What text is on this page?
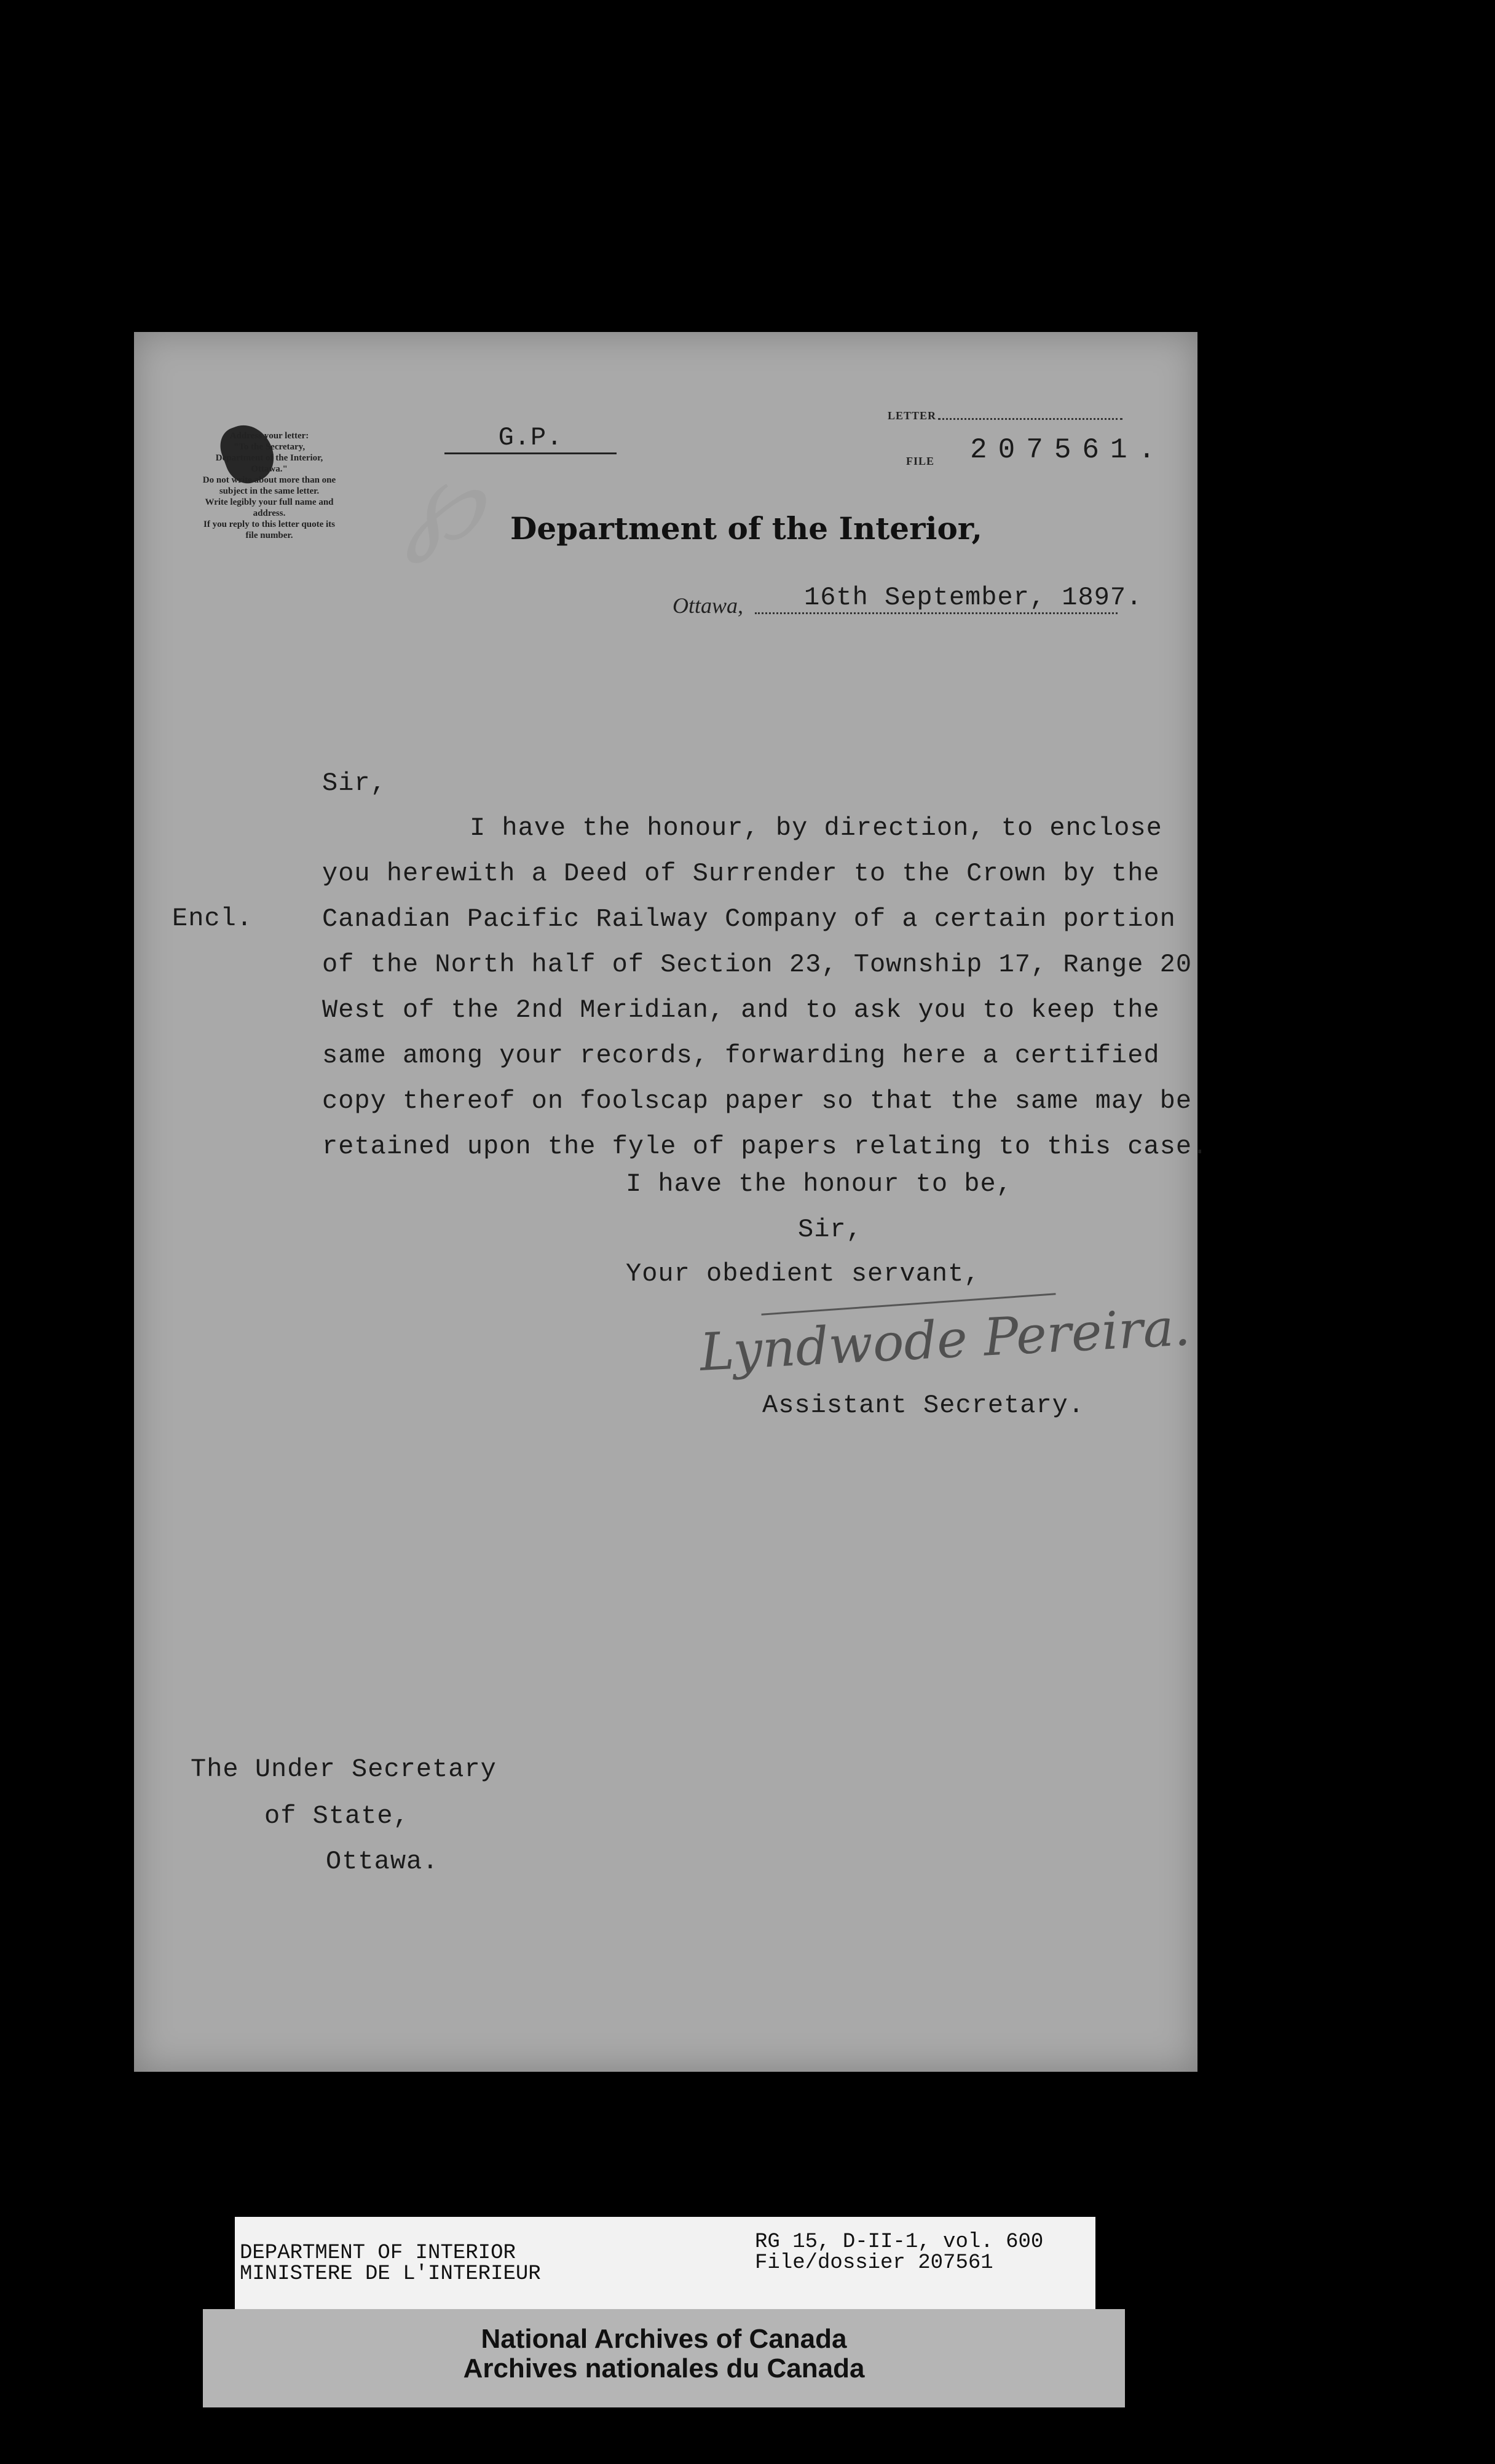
℘
Address your letter:
"To the Secretary,
Department of the Interior,
Ottawa."
Do not write about more than one
subject in the same letter.
Write legibly your full name and
address.
If you reply to this letter quote its
file number.
G.P.
LETTER
FILE 207561.
Department of the Interior,
Ottawa, 16th September, 1897.
Sir,
Encl.
I have the honour, by direction, to enclose
you herewith a Deed of Surrender to the Crown by the
Canadian Pacific Railway Company of a certain portion
of the North half of Section 23, Township 17, Range 20
West of the 2nd Meridian, and to ask you to keep the
same among your records, forwarding here a certified
copy thereof on foolscap paper so that the same may be
retained upon the fyle of papers relating to this case.
I have the honour to be,
Sir,
Your obedient servant,
Lyndwode Pereira.
Assistant Secretary.
The Under Secretary
of State,
Ottawa.
DEPARTMENT OF INTERIOR
MINISTERE DE L'INTERIEUR
RG 15, D-II-1, vol. 600
File/dossier 207561
National Archives of Canada
Archives nationales du Canada
